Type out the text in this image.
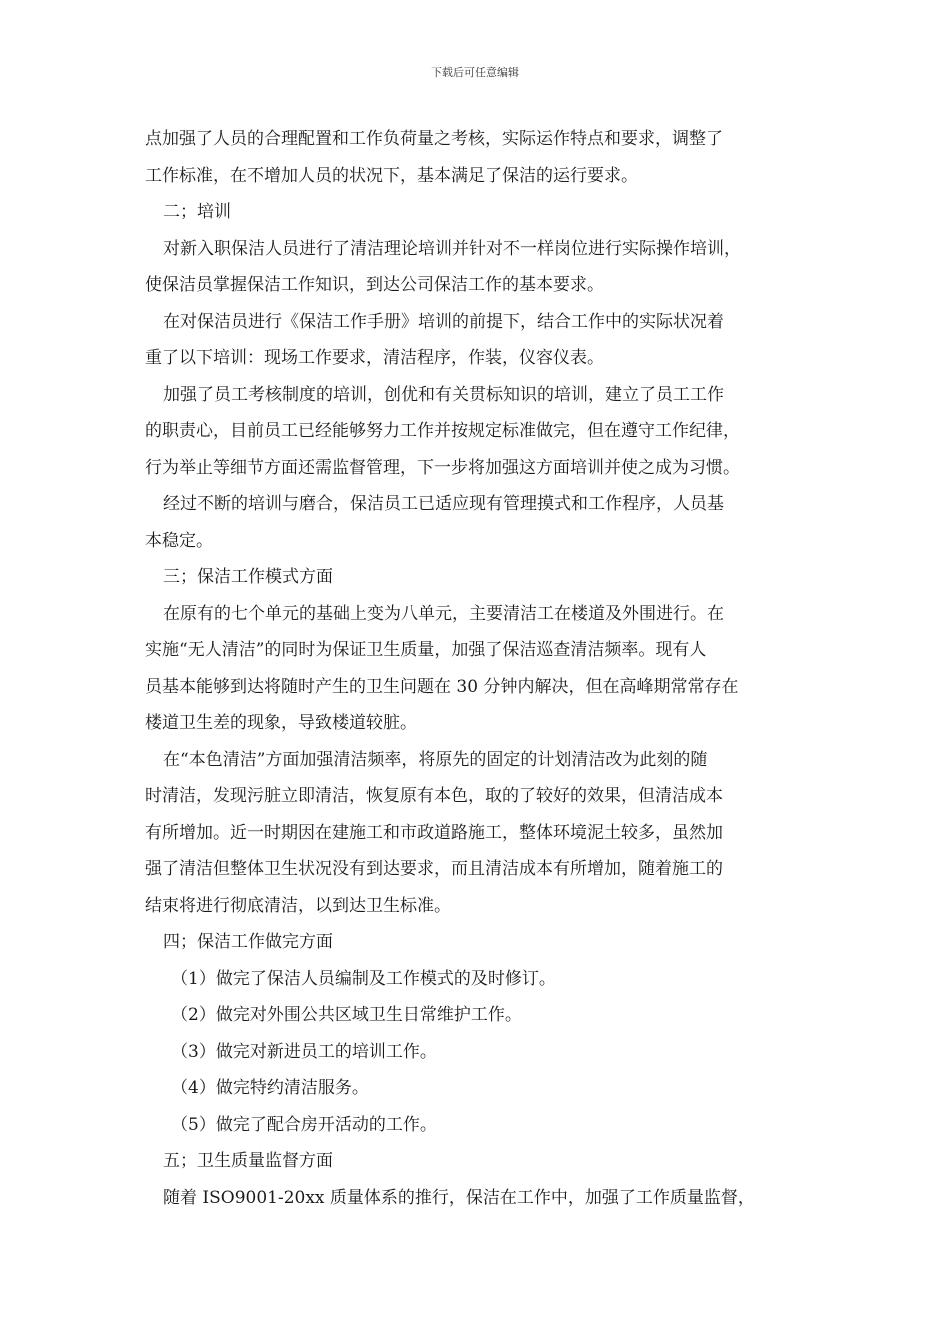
下载后可任意编辑
点加强了人员的合理配置和工作负荷量之考核，实际运作特点和要求，调整了
工作标准，在不增加人员的状况下，基本满足了保洁的运行要求。
二；培训
对新入职保洁人员进行了清洁理论培训并针对不一样岗位进行实际操作培训，
使保洁员掌握保洁工作知识，到达公司保洁工作的基本要求。
在对保洁员进行《保洁工作手册》培训的前提下，结合工作中的实际状况着
重了以下培训：现场工作要求，清洁程序，作装，仪容仪表。
加强了员工考核制度的培训，创优和有关贯标知识的培训，建立了员工工作
的职责心，目前员工已经能够努力工作并按规定标准做完，但在遵守工作纪律，
行为举止等细节方面还需监督管理，下一步将加强这方面培训并使之成为习惯。
经过不断的培训与磨合，保洁员工已适应现有管理摸式和工作程序，人员基
本稳定。
三；保洁工作模式方面
在原有的七个单元的基础上变为八单元，主要清洁工在楼道及外围进行。在
实施“无人清洁”的同时为保证卫生质量，加强了保洁巡查清洁频率。现有人
员基本能够到达将随时产生的卫生问题在 30 分钟内解决，但在高峰期常常存在
楼道卫生差的现象，导致楼道较脏。
在“本色清洁”方面加强清洁频率，将原先的固定的计划清洁改为此刻的随
时清洁，发现污脏立即清洁，恢复原有本色，取的了较好的效果，但清洁成本
有所增加。近一时期因在建施工和市政道路施工，整体环境泥土较多，虽然加
强了清洁但整体卫生状况没有到达要求，而且清洁成本有所增加，随着施工的
结束将进行彻底清洁，以到达卫生标准。
四；保洁工作做完方面
（1）做完了保洁人员编制及工作模式的及时修订。
（2）做完对外围公共区域卫生日常维护工作。
（3）做完对新进员工的培训工作。
（4）做完特约清洁服务。
（5）做完了配合房开活动的工作。
五；卫生质量监督方面
随着 ISO9001-20xx 质量体系的推行，保洁在工作中，加强了工作质量监督，
